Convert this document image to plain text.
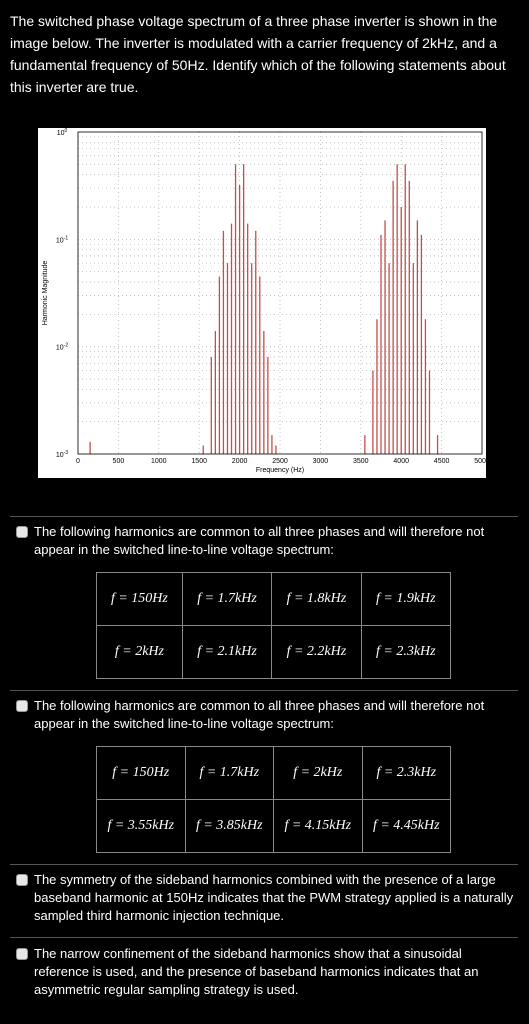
The switched phase voltage spectrum of a three phase inverter is shown in the image below. The inverter is modulated with a carrier frequency of 2kHz, and a fundamental frequency of 50Hz. Identify which of the following statements about this inverter are true.
0	500	1000	1500	2000	2500	3000	3500	4000	4500	5000
$10^0$
$10^{-1}$
$10^{-2}$
$10^{-3}$
Frequency (Hz)
Harmonic Magnitude
The following harmonics are common to all three phases and will therefore not appear in the switched line-to-line voltage spectrum:
f = 150Hz	f = 1.7kHz	f = 1.8kHz	f = 1.9kHz
f = 2kHz	f = 2.1kHz	f = 2.2kHz	f = 2.3kHz
The following harmonics are common to all three phases and will therefore not appear in the switched line-to-line voltage spectrum:
f = 150Hz	f = 1.7kHz	f = 2kHz	f = 2.3kHz
f = 3.55kHz	f = 3.85kHz	f = 4.15kHz	f = 4.45kHz
The symmetry of the sideband harmonics combined with the presence of a large baseband harmonic at 150Hz indicates that the PWM strategy applied is a naturally sampled third harmonic injection technique.
The narrow confinement of the sideband harmonics show that a sinusoidal reference is used, and the presence of baseband harmonics indicates that an asymmetric regular sampling strategy is used.
